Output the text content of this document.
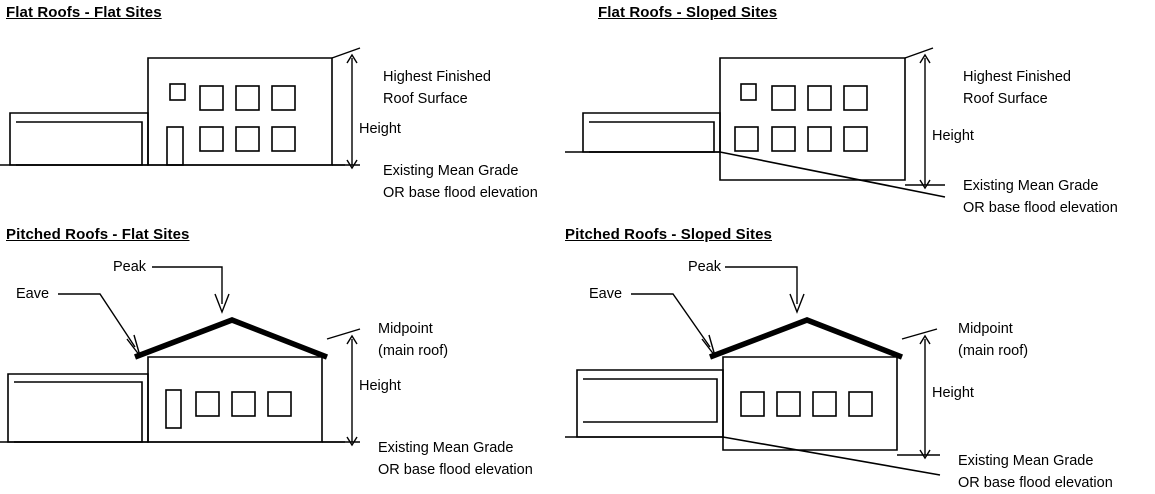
Flat Roofs - Flat Sites
Highest Finished
Roof Surface
Height
Existing Mean Grade
OR base flood elevation
Flat Roofs - Sloped Sites
Highest Finished
Roof Surface
Height
Existing Mean Grade
OR base flood elevation
Pitched Roofs - Flat Sites
Peak
Eave
Midpoint
(main roof)
Height
Existing Mean Grade
OR base flood elevation
Pitched Roofs - Sloped Sites
Peak
Eave
Midpoint
(main roof)
Height
Existing Mean Grade
OR base flood elevation
